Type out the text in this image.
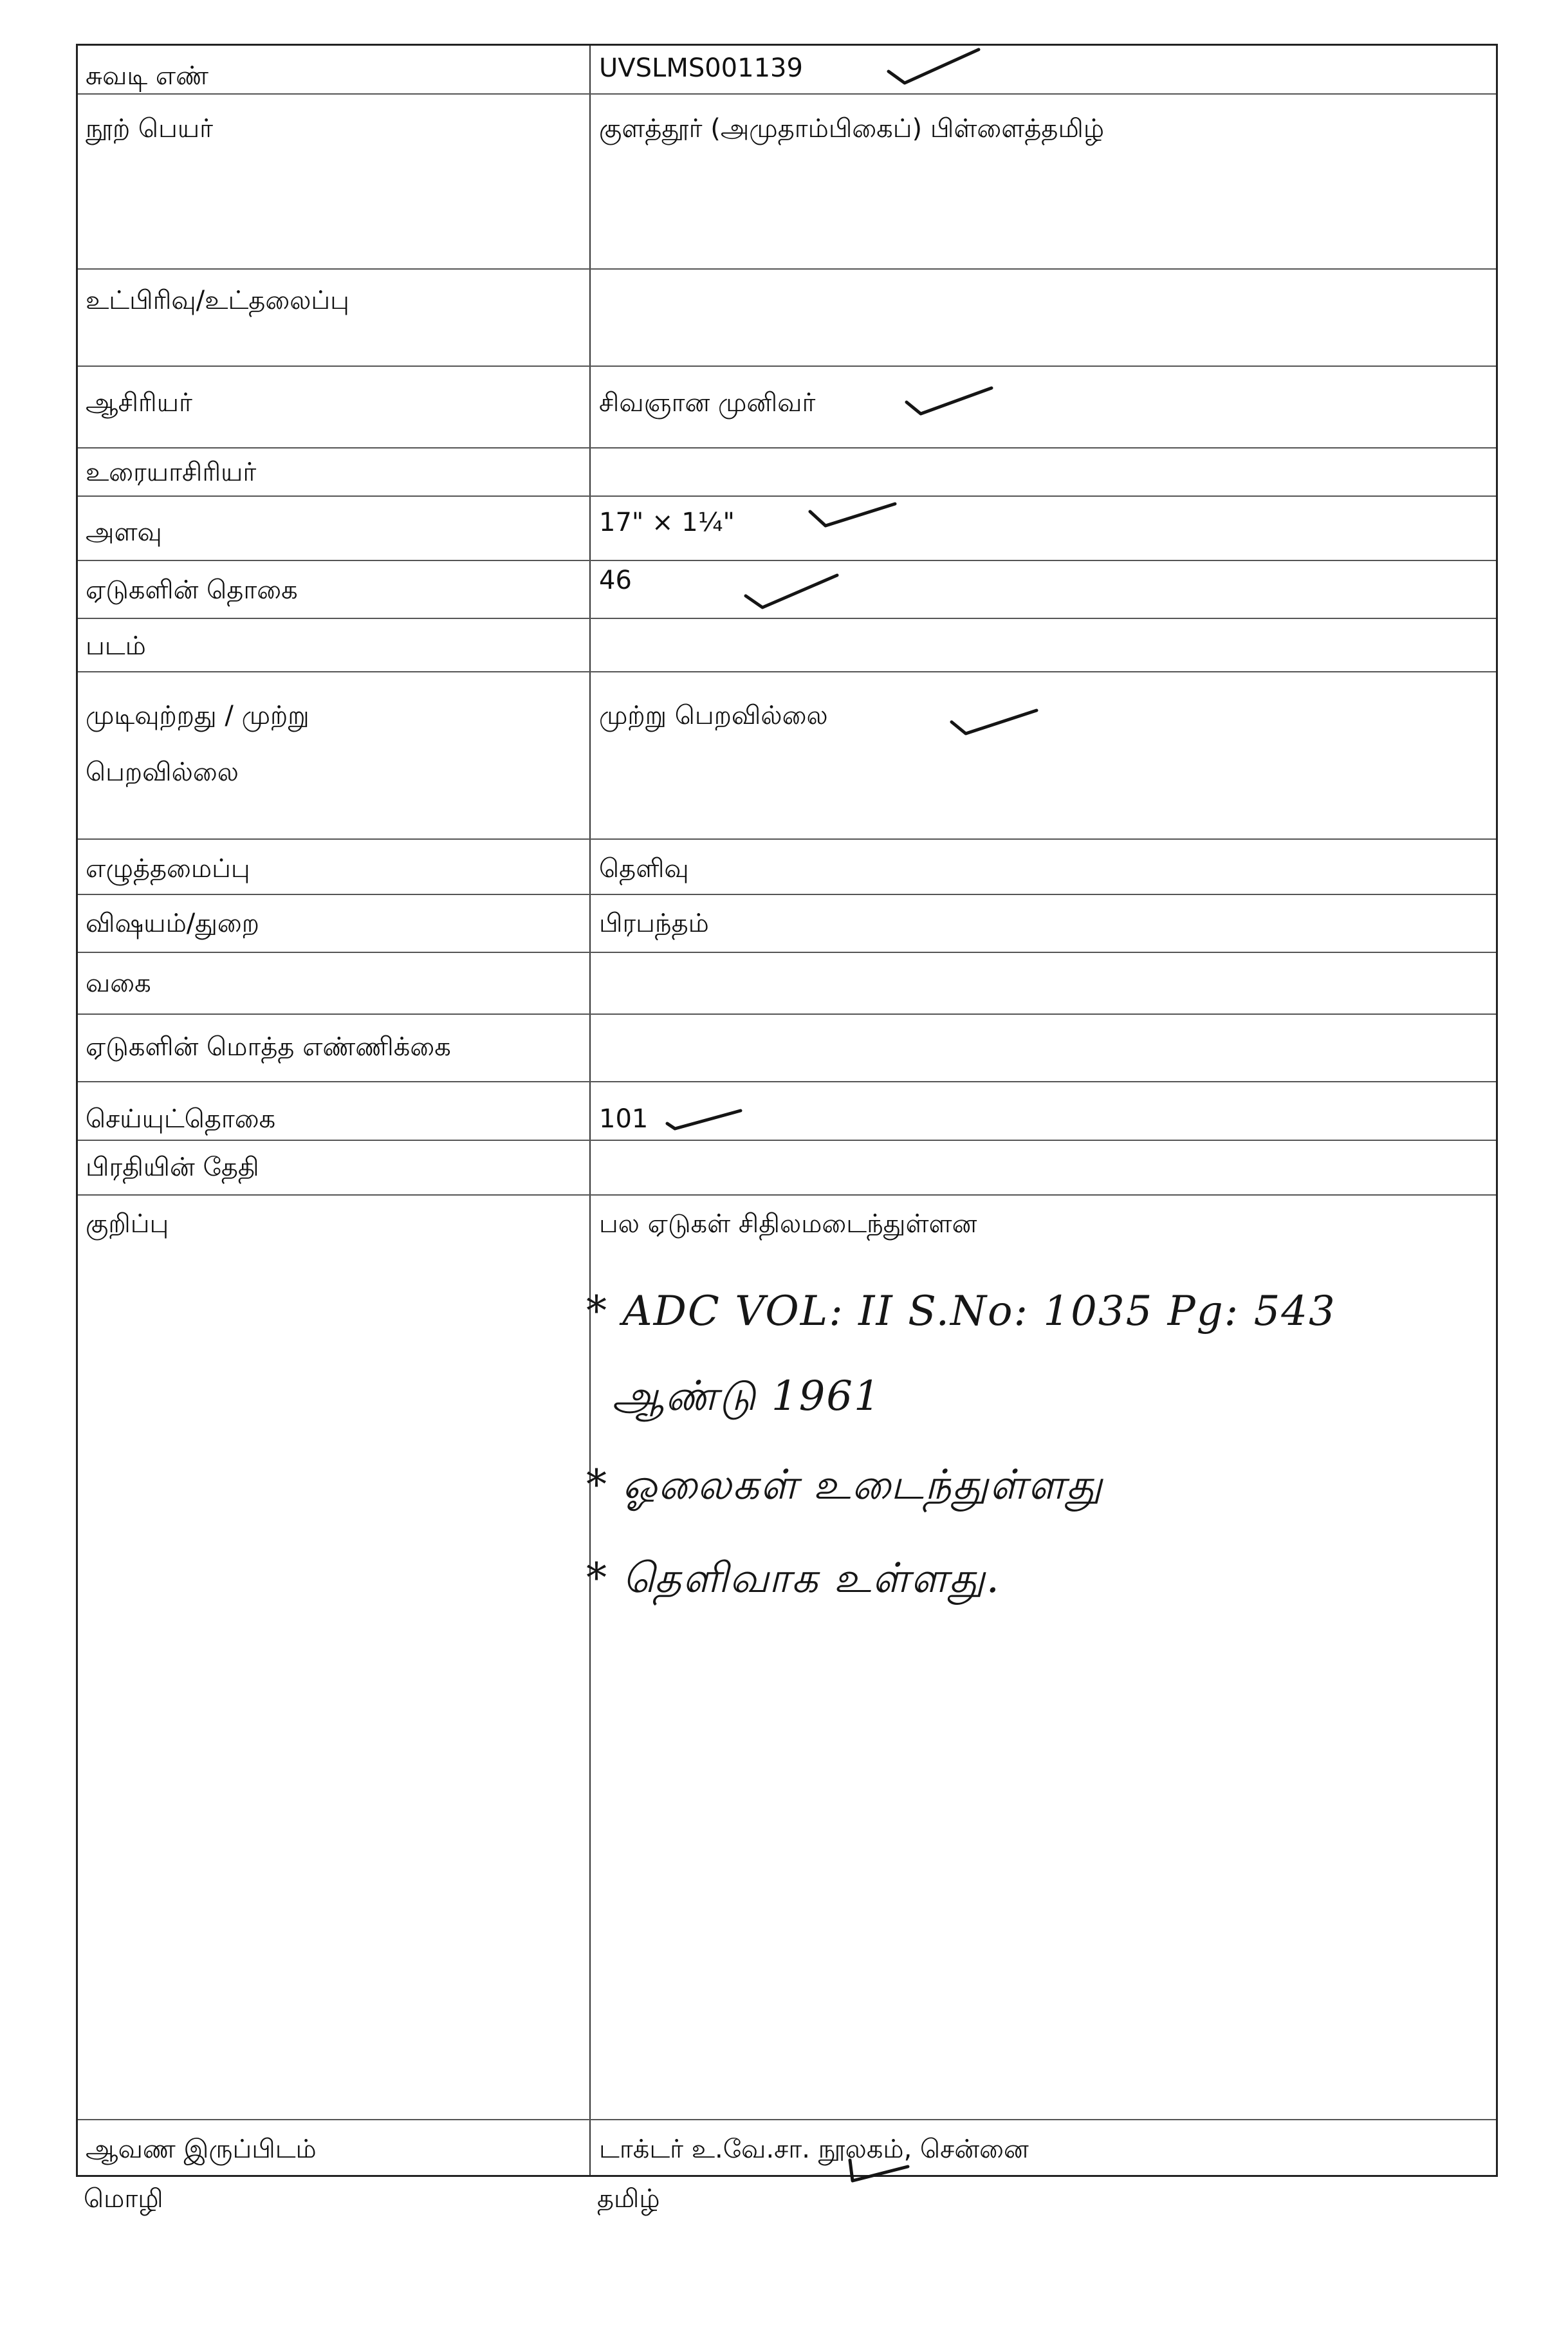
சுவடி எண்
நூற் பெயர்
உட்பிரிவு/உட்தலைப்பு
ஆசிரியர்
உரையாசிரியர்
அளவு
ஏடுகளின் தொகை
படம்
முடிவுற்றது / முற்று
பெறவில்லை
எழுத்தமைப்பு
விஷயம்/துறை
வகை
ஏடுகளின் மொத்த எண்ணிக்கை
செய்யுட்தொகை
பிரதியின் தேதி
குறிப்பு
ஆவண இருப்பிடம்
UVSLMS001139
குளத்தூர் (அமுதாம்பிகைப்) பிள்ளைத்தமிழ்
சிவஞான முனிவர்
17" × 1¼"
46
முற்று பெறவில்லை
தெளிவு
பிரபந்தம்
101
பல ஏடுகள் சிதிலமடைந்துள்ளன
டாக்டர் உ.வே.சா. நூலகம், சென்னை
* ADC VOL: II S.No: 1035 Pg: 543
ஆண்டு 1961
* ஓலைகள் உடைந்துள்ளது
* தெளிவாக உள்ளது.
மொழி	தமிழ்
